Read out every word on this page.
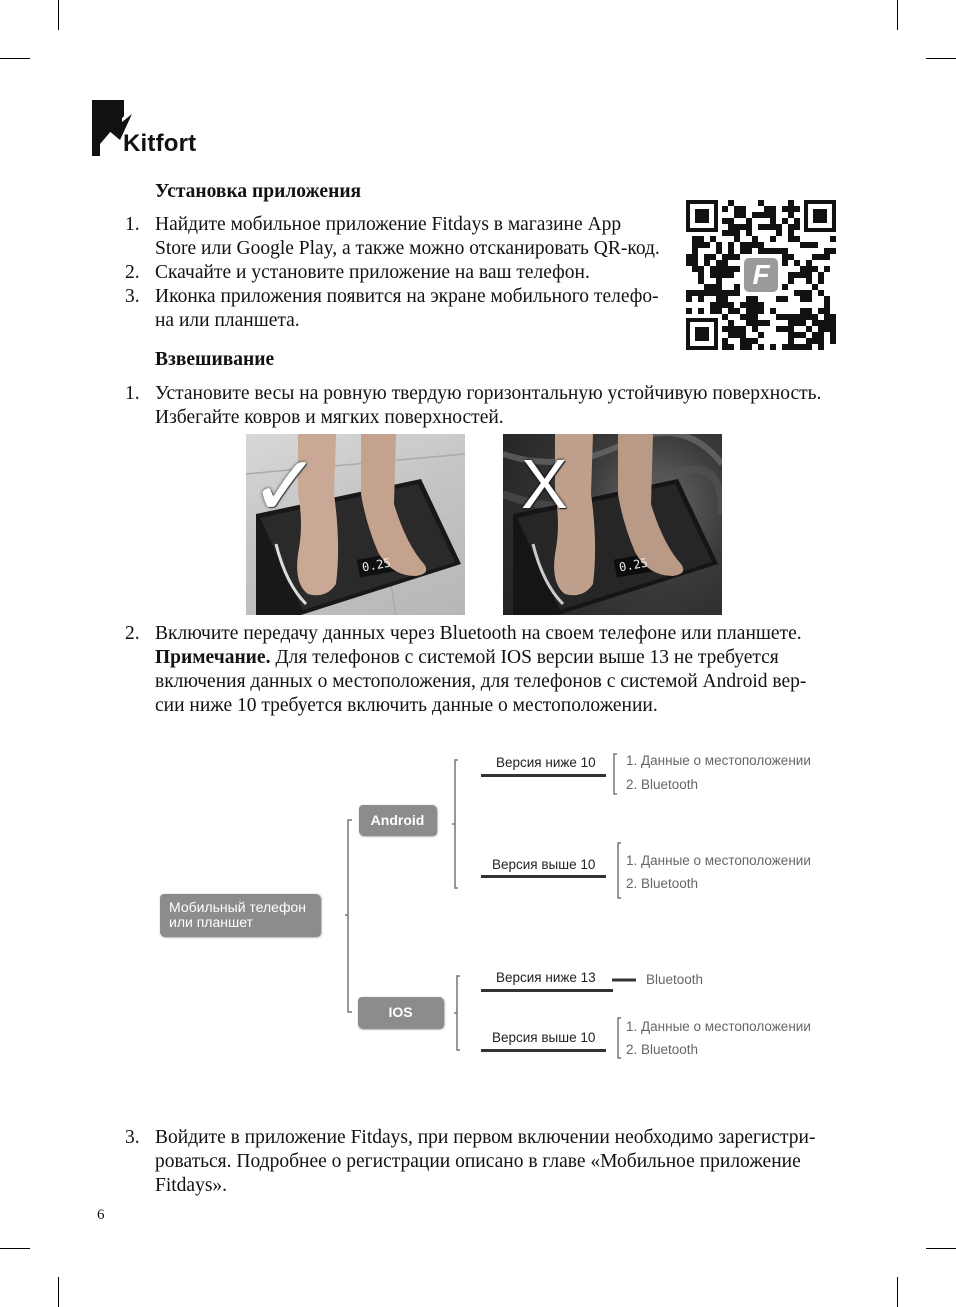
Kitfort
Установка приложения
1. Найдите мобильное приложение Fitdays в магазине App
Store или Google Play, а также можно отсканировать QR-код.
2. Скачайте и установите приложение на ваш телефон.
3. Иконка приложения появится на экране мобильного телефо-
на или планшета.
F
Взвешивание
1. Установите весы на ровную твердую горизонтальную устойчивую поверхность.
Избегайте ковров и мягких поверхностей.
0.25
✓
0.25
X
2. Включите передачу данных через Bluetooth на своем телефоне или планшете.
Примечание. Для телефонов с системой IOS версии выше 13 не требуется
включения данных о местоположения, для телефонов с системой Android вер-
сии ниже 10 требуется включить данные о местоположении.
Мобильный телефон
или планшет
Android
IOS
Версия ниже 10 1. Данные о местоположении
2. Bluetooth
Версия выше 10 1. Данные о местоположении
2. Bluetooth
Версия ниже 13	Bluetooth
Версия выше 10
1. Данные о местоположении
2. Bluetooth
3. Войдите в приложение Fitdays, при первом включении необходимо зарегистри-
роваться. Подробнее о регистрации описано в главе «Мобильное приложение
Fitdays».
6
